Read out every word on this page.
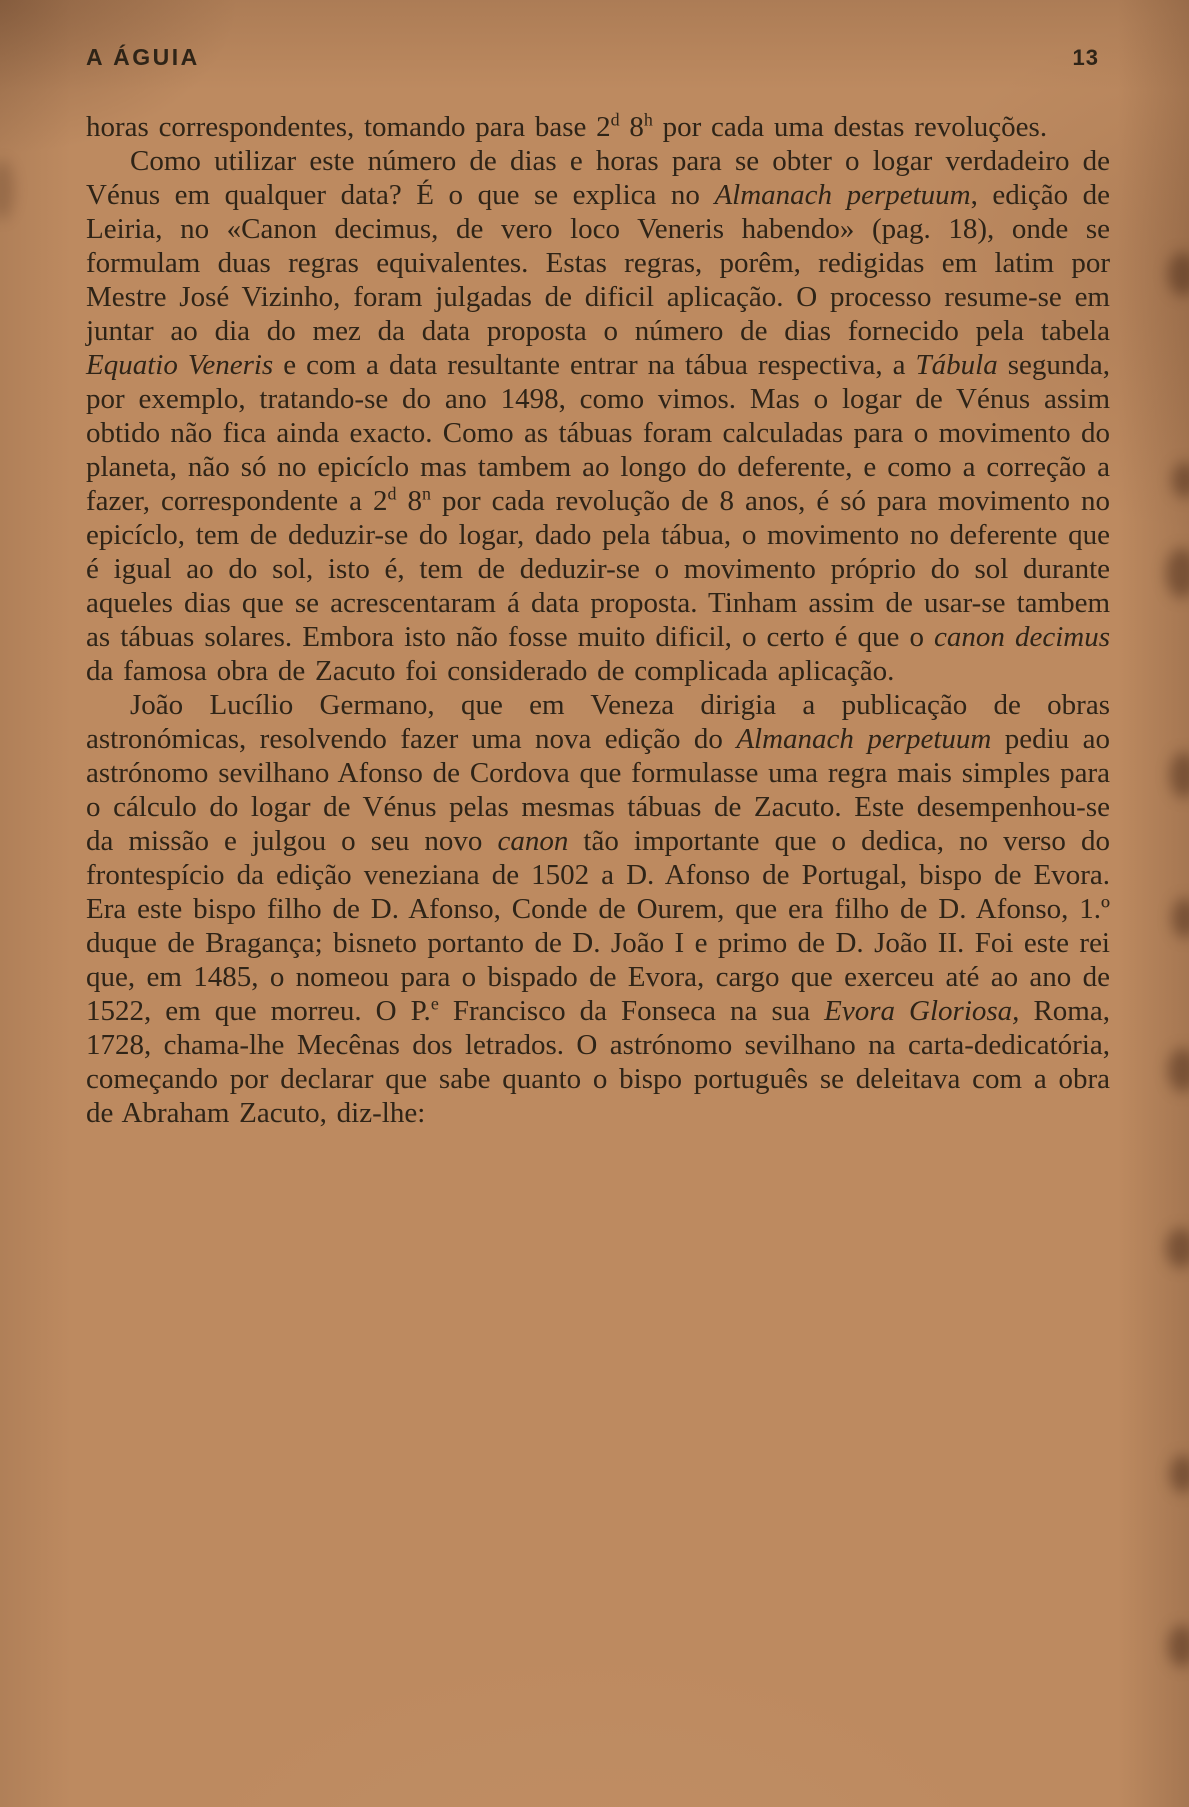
A ÁGUIA	13

horas correspondentes, tomando para base 2$^d$ 8$^h$ por cada uma destas revoluções.

Como utilizar este número de dias e horas para se obter o logar verdadeiro de Vénus em qualquer data? É o que se explica no Almanach perpetuum, edição de Leiria, no «Canon decimus, de vero loco Veneris habendo» (pag. 18), onde se formulam duas regras equivalentes. Estas regras, porêm, redigidas em latim por Mestre José Vizinho, foram julgadas de dificil aplicação. O processo resume-se em juntar ao dia do mez da data proposta o número de dias fornecido pela tabela Equatio Veneris e com a data resultante entrar na tábua respectiva, a Tábula segunda, por exemplo, tratando-se do ano 1498, como vimos. Mas o logar de Vénus assim obtido não fica ainda exacto. Como as tábuas foram calculadas para o movimento do planeta, não só no epicíclo mas tambem ao longo do deferente, e como a correção a fazer, correspondente a 2$^d$ 8$^n$ por cada revolução de 8 anos, é só para movimento no epicíclo, tem de deduzir-se do logar, dado pela tábua, o movimento no deferente que é igual ao do sol, isto é, tem de deduzir-se o movimento próprio do sol durante aqueles dias que se acrescentaram á data proposta. Tinham assim de usar-se tambem as tábuas solares. Embora isto não fosse muito dificil, o certo é que o canon decimus da famosa obra de Zacuto foi considerado de complicada aplicação.

João Lucílio Germano, que em Veneza dirigia a publicação de obras astronómicas, resolvendo fazer uma nova edição do Almanach perpetuum pediu ao astrónomo sevilhano Afonso de Cordova que formulasse uma regra mais simples para o cálculo do logar de Vénus pelas mesmas tábuas de Zacuto. Este desempenhou-se da missão e julgou o seu novo canon tão importante que o dedica, no verso do frontespício da edição veneziana de 1502 a D. Afonso de Portugal, bispo de Evora. Era este bispo filho de D. Afonso, Conde de Ourem, que era filho de D. Afonso, 1.º duque de Bragança; bisneto portanto de D. João I e primo de D. João II. Foi este rei que, em 1485, o nomeou para o bispado de Evora, cargo que exerceu até ao ano de 1522, em que morreu. O P.$^e$ Francisco da Fonseca na sua Evora Gloriosa, Roma, 1728, chama-lhe Mecênas dos letrados. O astrónomo sevilhano na carta-dedicatória, começando por declarar que sabe quanto o bispo português se deleitava com a obra de Abraham Zacuto, diz-lhe:
